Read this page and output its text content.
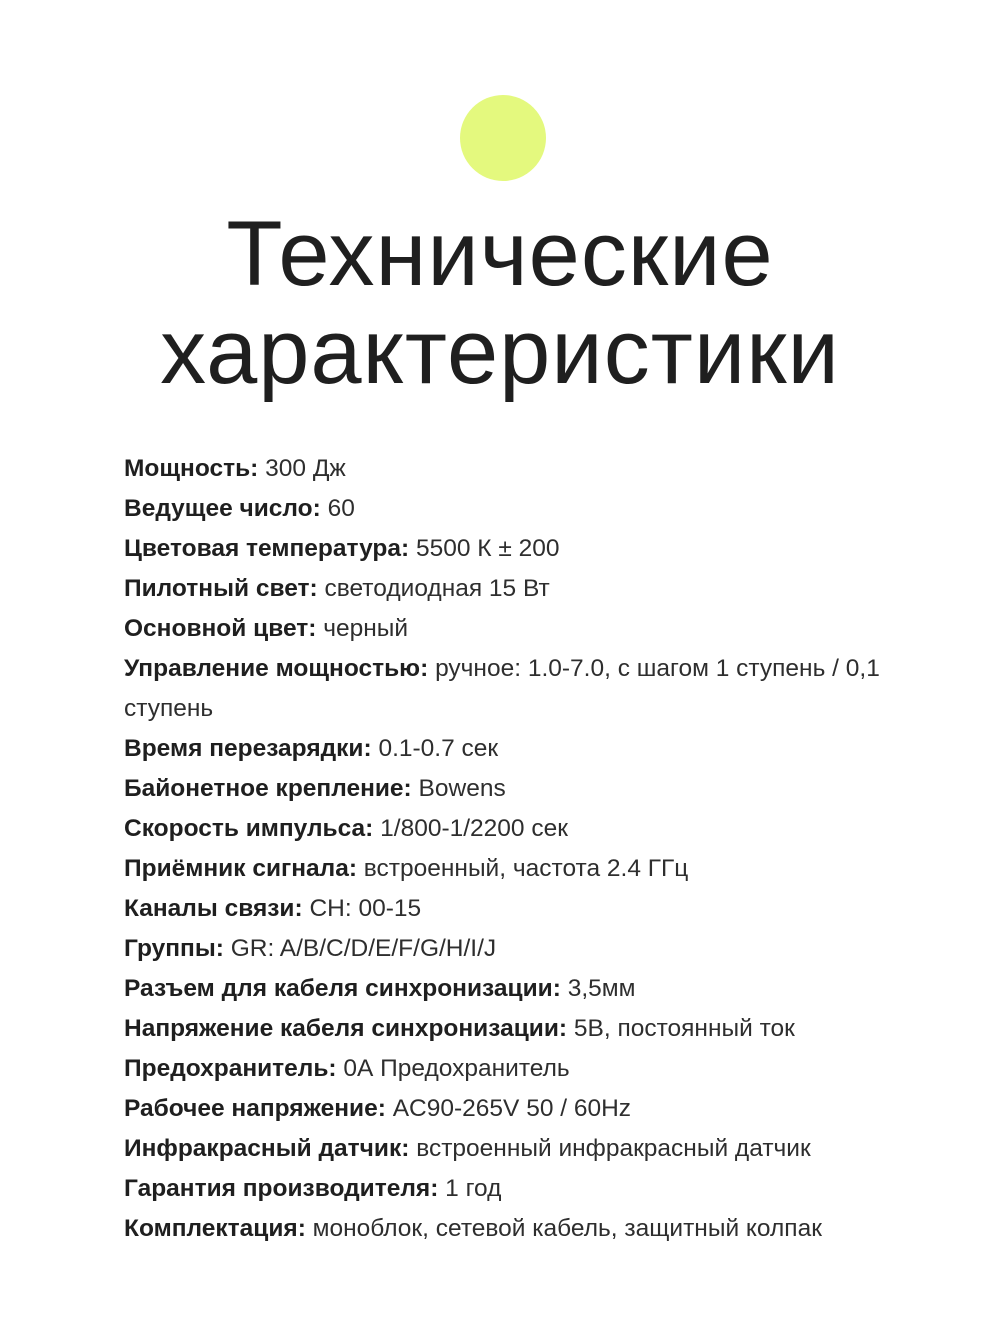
Технические
характеристики
Мощность: 300 Дж
Ведущее число: 60
Цветовая температура: 5500 К ± 200
Пилотный свет: светодиодная 15 Вт
Основной цвет: черный
Управление мощностью: ручное: 1.0-7.0, с шагом 1 ступень / 0,1 ступень
Время перезарядки: 0.1-0.7 сек
Байонетное крепление: Bowens
Скорость импульса: 1/800-1/2200 сек
Приёмник сигнала: встроенный, частота 2.4 ГГц
Каналы связи: CH: 00-15
Группы: GR: A/B/C/D/E/F/G/H/I/J
Разъем для кабеля синхронизации: 3,5мм
Напряжение кабеля синхронизации: 5В, постоянный ток
Предохранитель: 0А Предохранитель
Рабочее напряжение: AC90-265V 50 / 60Hz
Инфракрасный датчик: встроенный инфракрасный датчик
Гарантия производителя: 1 год
Комплектация: моноблок, сетевой кабель, защитный колпак
